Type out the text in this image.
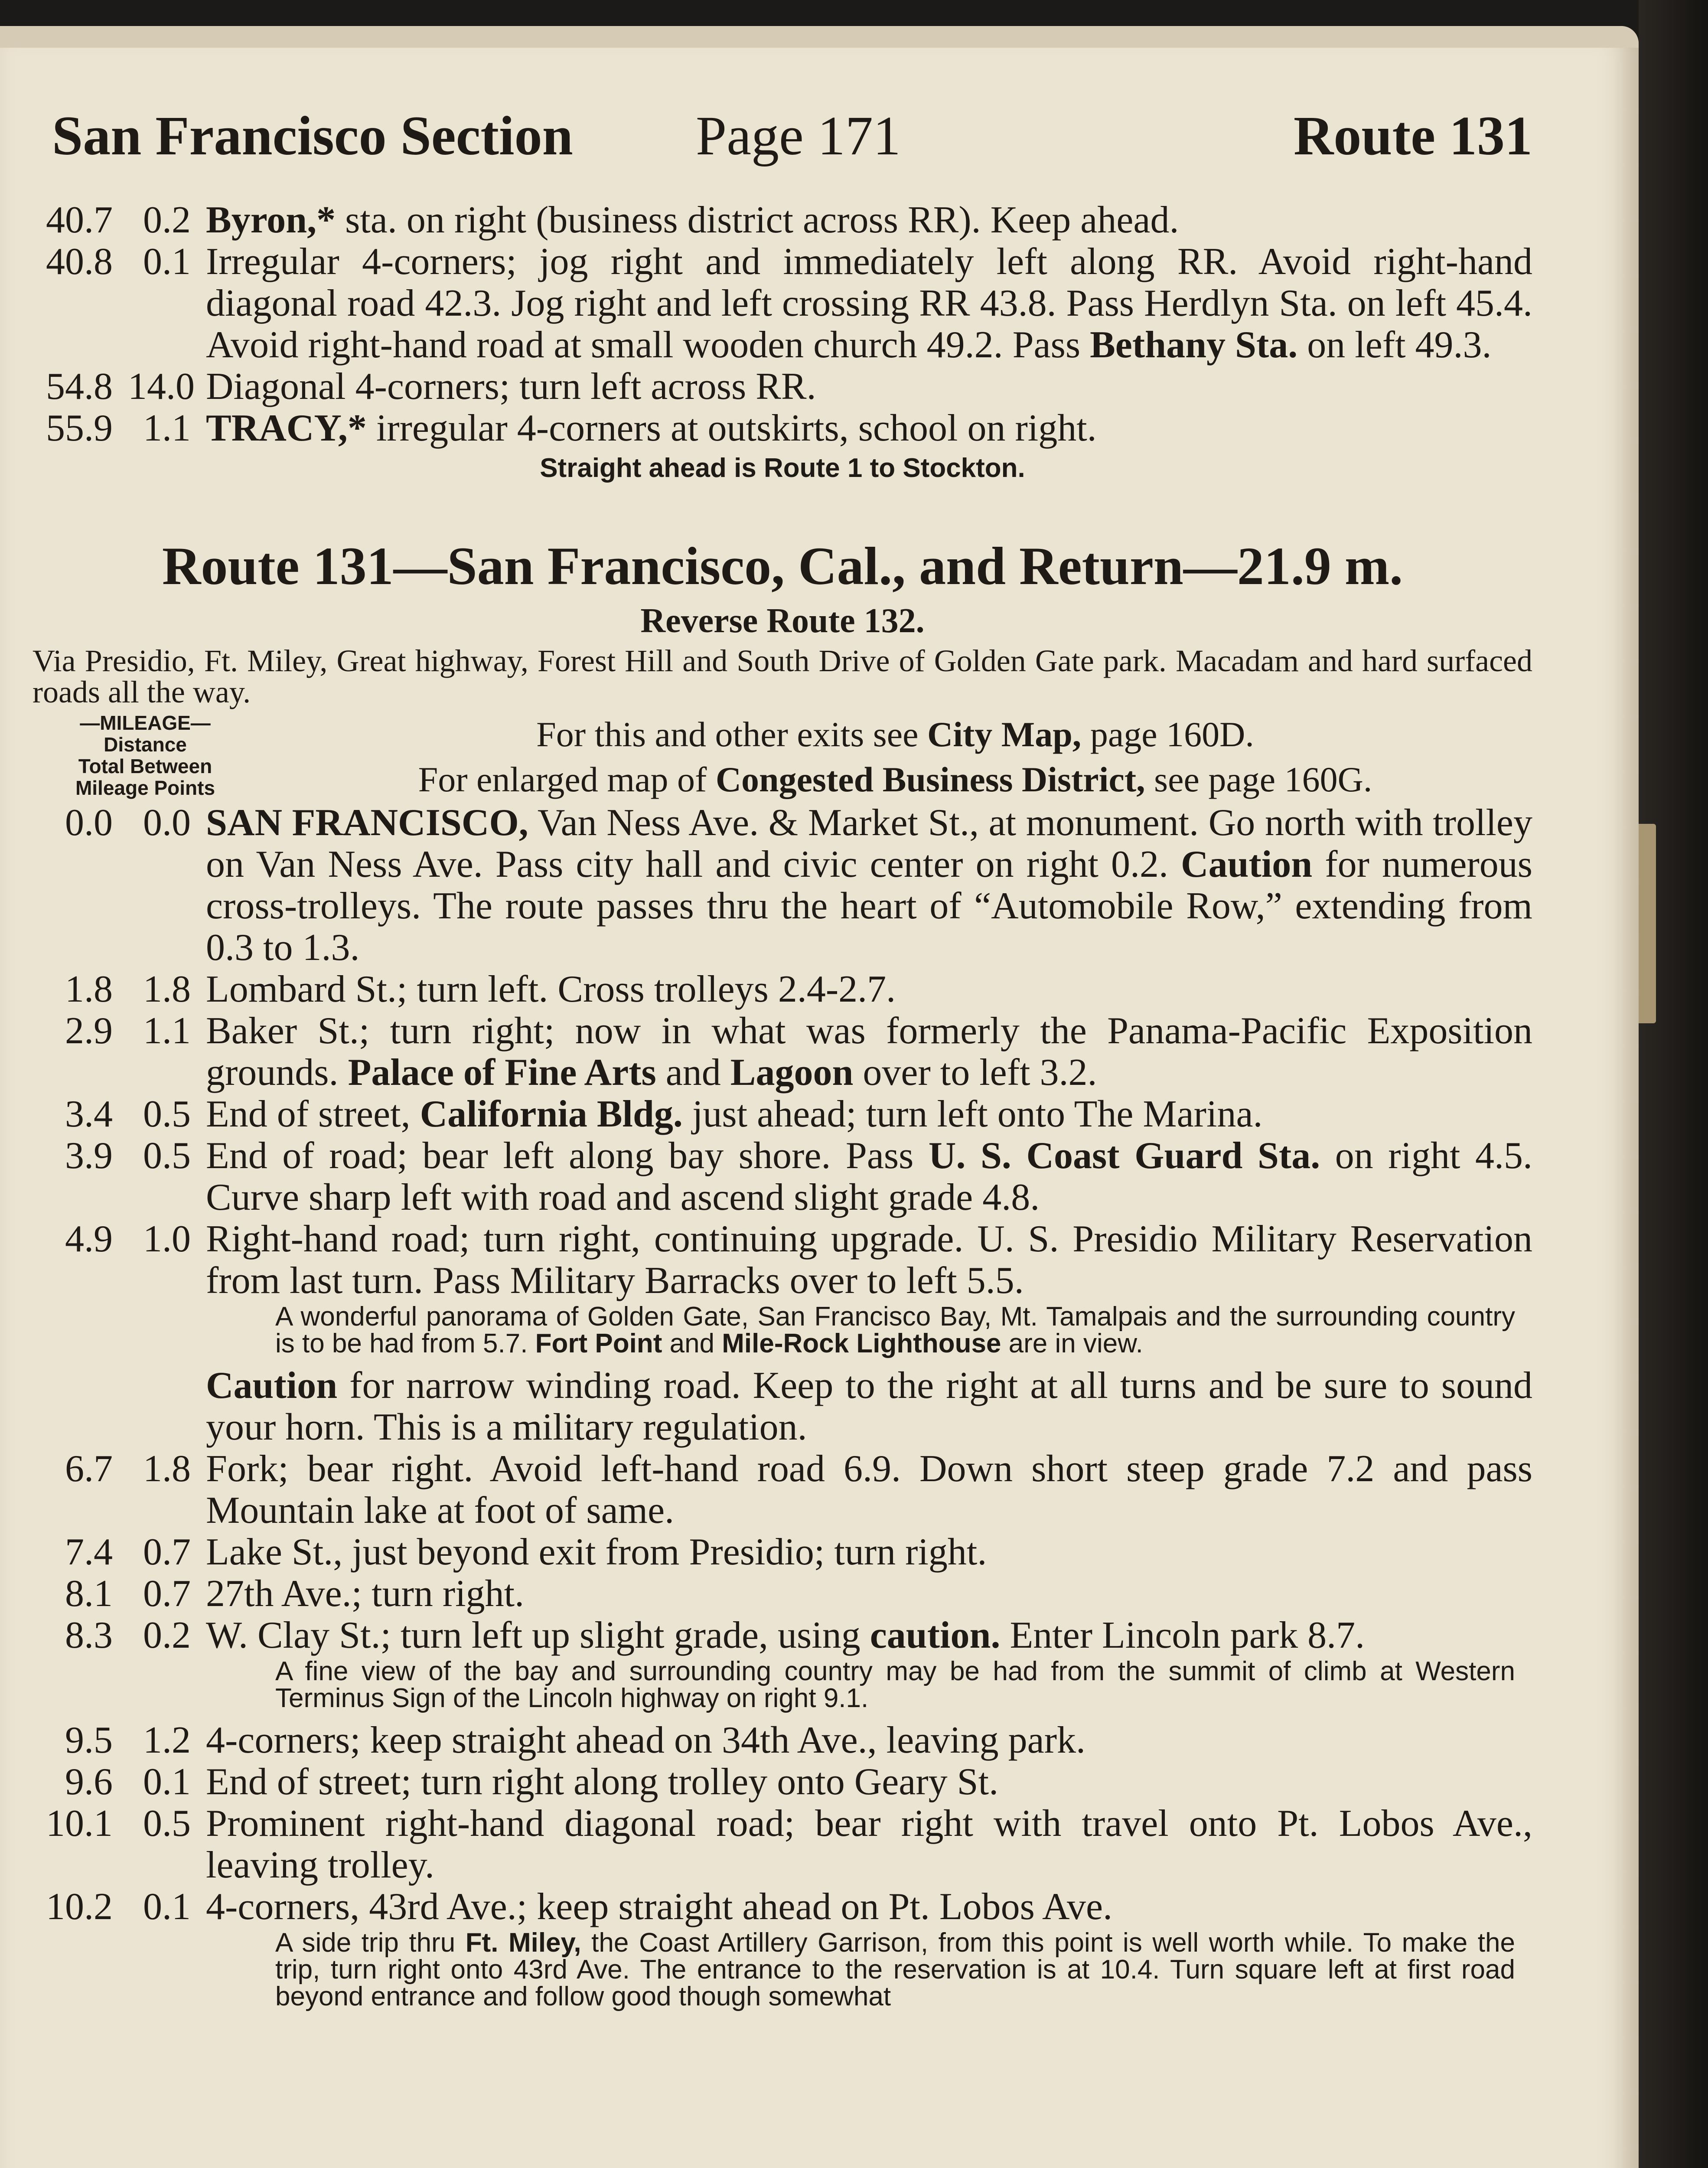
San Francisco Section Page 171	Route 131
40.7 0.2 Byron,* sta. on right (business district across RR). Keep ahead.
40.8 0.1 Irregular 4-corners; jog right and immediately left along RR. Avoid right-hand diagonal road 42.3. Jog right and left crossing RR 43.8. Pass Herdlyn Sta. on left 45.4. Avoid right-hand road at small wooden church 49.2. Pass Bethany Sta. on left 49.3.
54.8 14.0 Diagonal 4-corners; turn left across RR.
55.9 1.1 TRACY,* irregular 4-corners at outskirts, school on right.
Straight ahead is Route 1 to Stockton.
Route 131—San Francisco, Cal., and Return—21.9 m.
Reverse Route 132.
Via Presidio, Ft. Miley, Great highway, Forest Hill and South Drive of Golden Gate park. Macadam and hard surfaced roads all the way.
—MILEAGE—
Distance
Total Between
Mileage Points
For this and other exits see City Map, page 160D.
For enlarged map of Congested Business District, see page 160G.
0.0 0.0 SAN FRANCISCO, Van Ness Ave. & Market St., at monument. Go north with trolley on Van Ness Ave. Pass city hall and civic center on right 0.2. Caution for numerous cross-trolleys. The route passes thru the heart of “Automobile Row,” extending from 0.3 to 1.3.
1.8 1.8 Lombard St.; turn left. Cross trolleys 2.4-2.7.
2.9 1.1 Baker St.; turn right; now in what was formerly the Panama-Pacific Exposition grounds. Palace of Fine Arts and Lagoon over to left 3.2.
3.4 0.5 End of street, California Bldg. just ahead; turn left onto The Marina.
3.9 0.5 End of road; bear left along bay shore. Pass U. S. Coast Guard Sta. on right 4.5. Curve sharp left with road and ascend slight grade 4.8.
4.9 1.0 Right-hand road; turn right, continuing upgrade. U. S. Presidio Military Reservation from last turn. Pass Military Barracks over to left 5.5.
A wonderful panorama of Golden Gate, San Francisco Bay, Mt. Tamalpais and the surrounding country is to be had from 5.7. Fort Point and Mile-Rock Lighthouse are in view.
Caution for narrow winding road. Keep to the right at all turns and be sure to sound your horn. This is a military regulation.
6.7 1.8 Fork; bear right. Avoid left-hand road 6.9. Down short steep grade 7.2 and pass Mountain lake at foot of same.
7.4 0.7 Lake St., just beyond exit from Presidio; turn right.
8.1 0.7 27th Ave.; turn right.
8.3 0.2 W. Clay St.; turn left up slight grade, using caution. Enter Lincoln park 8.7.
A fine view of the bay and surrounding country may be had from the summit of climb at Western Terminus Sign of the Lincoln highway on right 9.1.
9.5 1.2 4-corners; keep straight ahead on 34th Ave., leaving park.
9.6 0.1 End of street; turn right along trolley onto Geary St.
10.1 0.5 Prominent right-hand diagonal road; bear right with travel onto Pt. Lobos Ave., leaving trolley.
10.2 0.1 4-corners, 43rd Ave.; keep straight ahead on Pt. Lobos Ave.
A side trip thru Ft. Miley, the Coast Artillery Garrison, from this point is well worth while. To make the trip, turn right onto 43rd Ave. The entrance to the reservation is at 10.4. Turn square left at first road beyond entrance and follow good though somewhat
